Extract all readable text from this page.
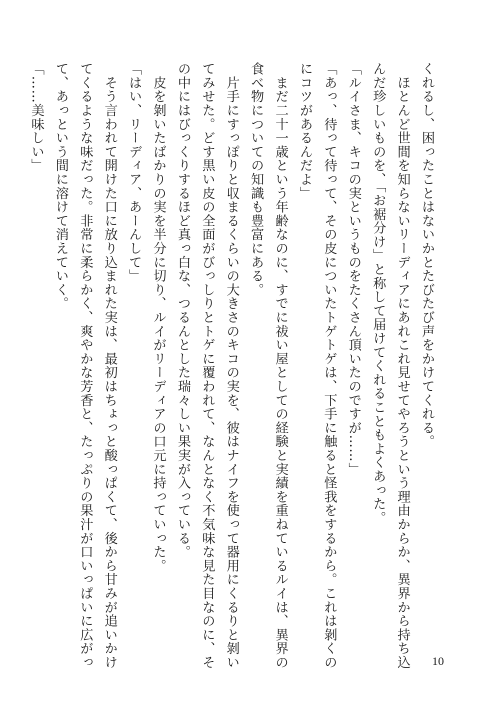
くれるし、困ったことはないかとたびたび声をかけてくれる。
　ほとんど世間を知らないリーディアにあれこれ見せてやろうという理由からか、異界から持ち込
んだ珍しいものを、「お裾分け」と称して届けてくれることもよくあった。
「ルイさま、キコの実というものをたくさん頂いたのですが……」
「あっ、待って待って、その皮についたトゲトゲは、下手に触ると怪我をするから。これは剝くの
にコツがあるんだよ」
　まだ二十一歳という年齢なのに、すでに祓い屋としての経験と実績を重ねているルイは、異界の
食べ物についての知識も豊富にある。
　片手にすっぽりと収まるくらいの大きさのキコの実を、彼はナイフを使って器用にくるりと剝い
てみせた。どす黒い皮の全面がびっしりとトゲに覆われて、なんとなく不気味な見た目なのに、そ
の中にはびっくりするほど真っ白な、つるんとした瑞々しい果実が入っている。
　皮を剝いたばかりの実を半分に切り、ルイがリーディアの口元に持っていった。
「はい、リーディア、あーんして」
　そう言われて開けた口に放り込まれた実は、最初はちょっと酸っぱくて、後から甘みが追いかけ
てくるような味だった。非常に柔らかく、爽やかな芳香と、たっぷりの果汁が口いっぱいに広がっ
て、あっという間に溶けて消えていく。
「……美味しい」
10
